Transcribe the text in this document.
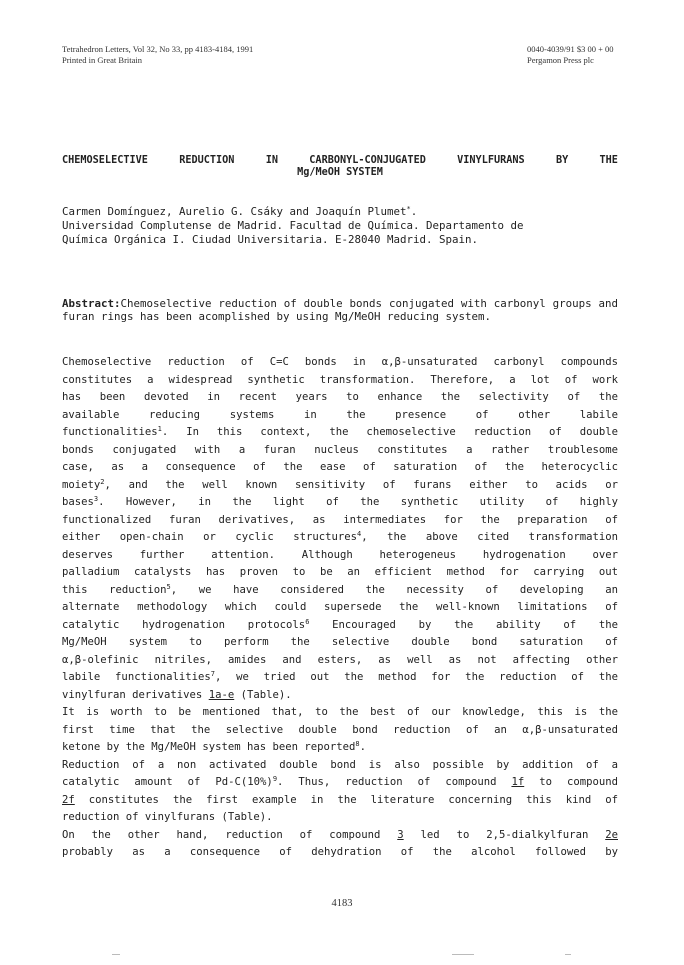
Tetrahedron Letters, Vol 32, No 33, pp 4183-4184, 1991
Printed in Great Britain
0040-4039/91 $3 00 + 00
Pergamon Press plc
CHEMOSELECTIVE	REDUCTION	IN	CARBONYL-CONJUGATED	VINYLFURANS	BY	THE
Mg/MeOH SYSTEM
Carmen Domínguez, Aurelio G. Csáky and Joaquín Plumet*.
Universidad Complutense de Madrid. Facultad de Química. Departamento de
Química Orgánica I. Ciudad Universitaria. E-28040 Madrid. Spain.
Abstract:Chemoselective reduction of double bonds conjugated with carbonyl groups and furan rings has been acomplished by using Mg/MeOH reducing system.
Chemoselective reduction of C=C bonds in α,β-unsaturated carbonyl compounds
constitutes a widespread synthetic transformation. Therefore, a lot of work
has been devoted in recent years to enhance the selectivity of the
available reducing systems in the presence of other labile
functionalities$^1$. In this context, the chemoselective reduction of double
bonds conjugated with a furan nucleus constitutes a rather troublesome
case, as a consequence of the ease of saturation of the heterocyclic
moiety$^2$, and the well known sensitivity of furans either to acids or
bases$^3$. However, in the light of the synthetic utility of highly
functionalized furan derivatives, as intermediates for the preparation of
either open-chain or cyclic structures$^4$, the above cited transformation
deserves further attention. Although heterogeneus hydrogenation over
palladium catalysts has proven to be an efficient method for carrying out
this reduction$^5$, we have considered the necessity of developing an
alternate methodology which could supersede the well-known limitations of
catalytic hydrogenation protocols$^6$ Encouraged by the ability of the
Mg/MeOH system to perform the selective double bond saturation of
α,β-olefinic nitriles, amides and esters, as well as not affecting other
labile functionalities$^7$, we tried out the method for the reduction of the
vinylfuran derivatives 1a-e (Table).
It is worth to be mentioned that, to the best of our knowledge, this is the
first time that the selective double bond reduction of an α,β-unsaturated
ketone by the Mg/MeOH system has been reported$^8$.
Reduction of a non activated double bond is also possible by addition of a
catalytic amount of $Pd-C(10\%)^9$. Thus, reduction of compound 1f to compound
2f constitutes the first example in the literature concerning this kind of
reduction of vinylfurans (Table).
On the other hand, reduction of compound 3 led to 2,5-dialkylfuran 2e
probably as a consequence of dehydration of the alcohol followed by
4183
